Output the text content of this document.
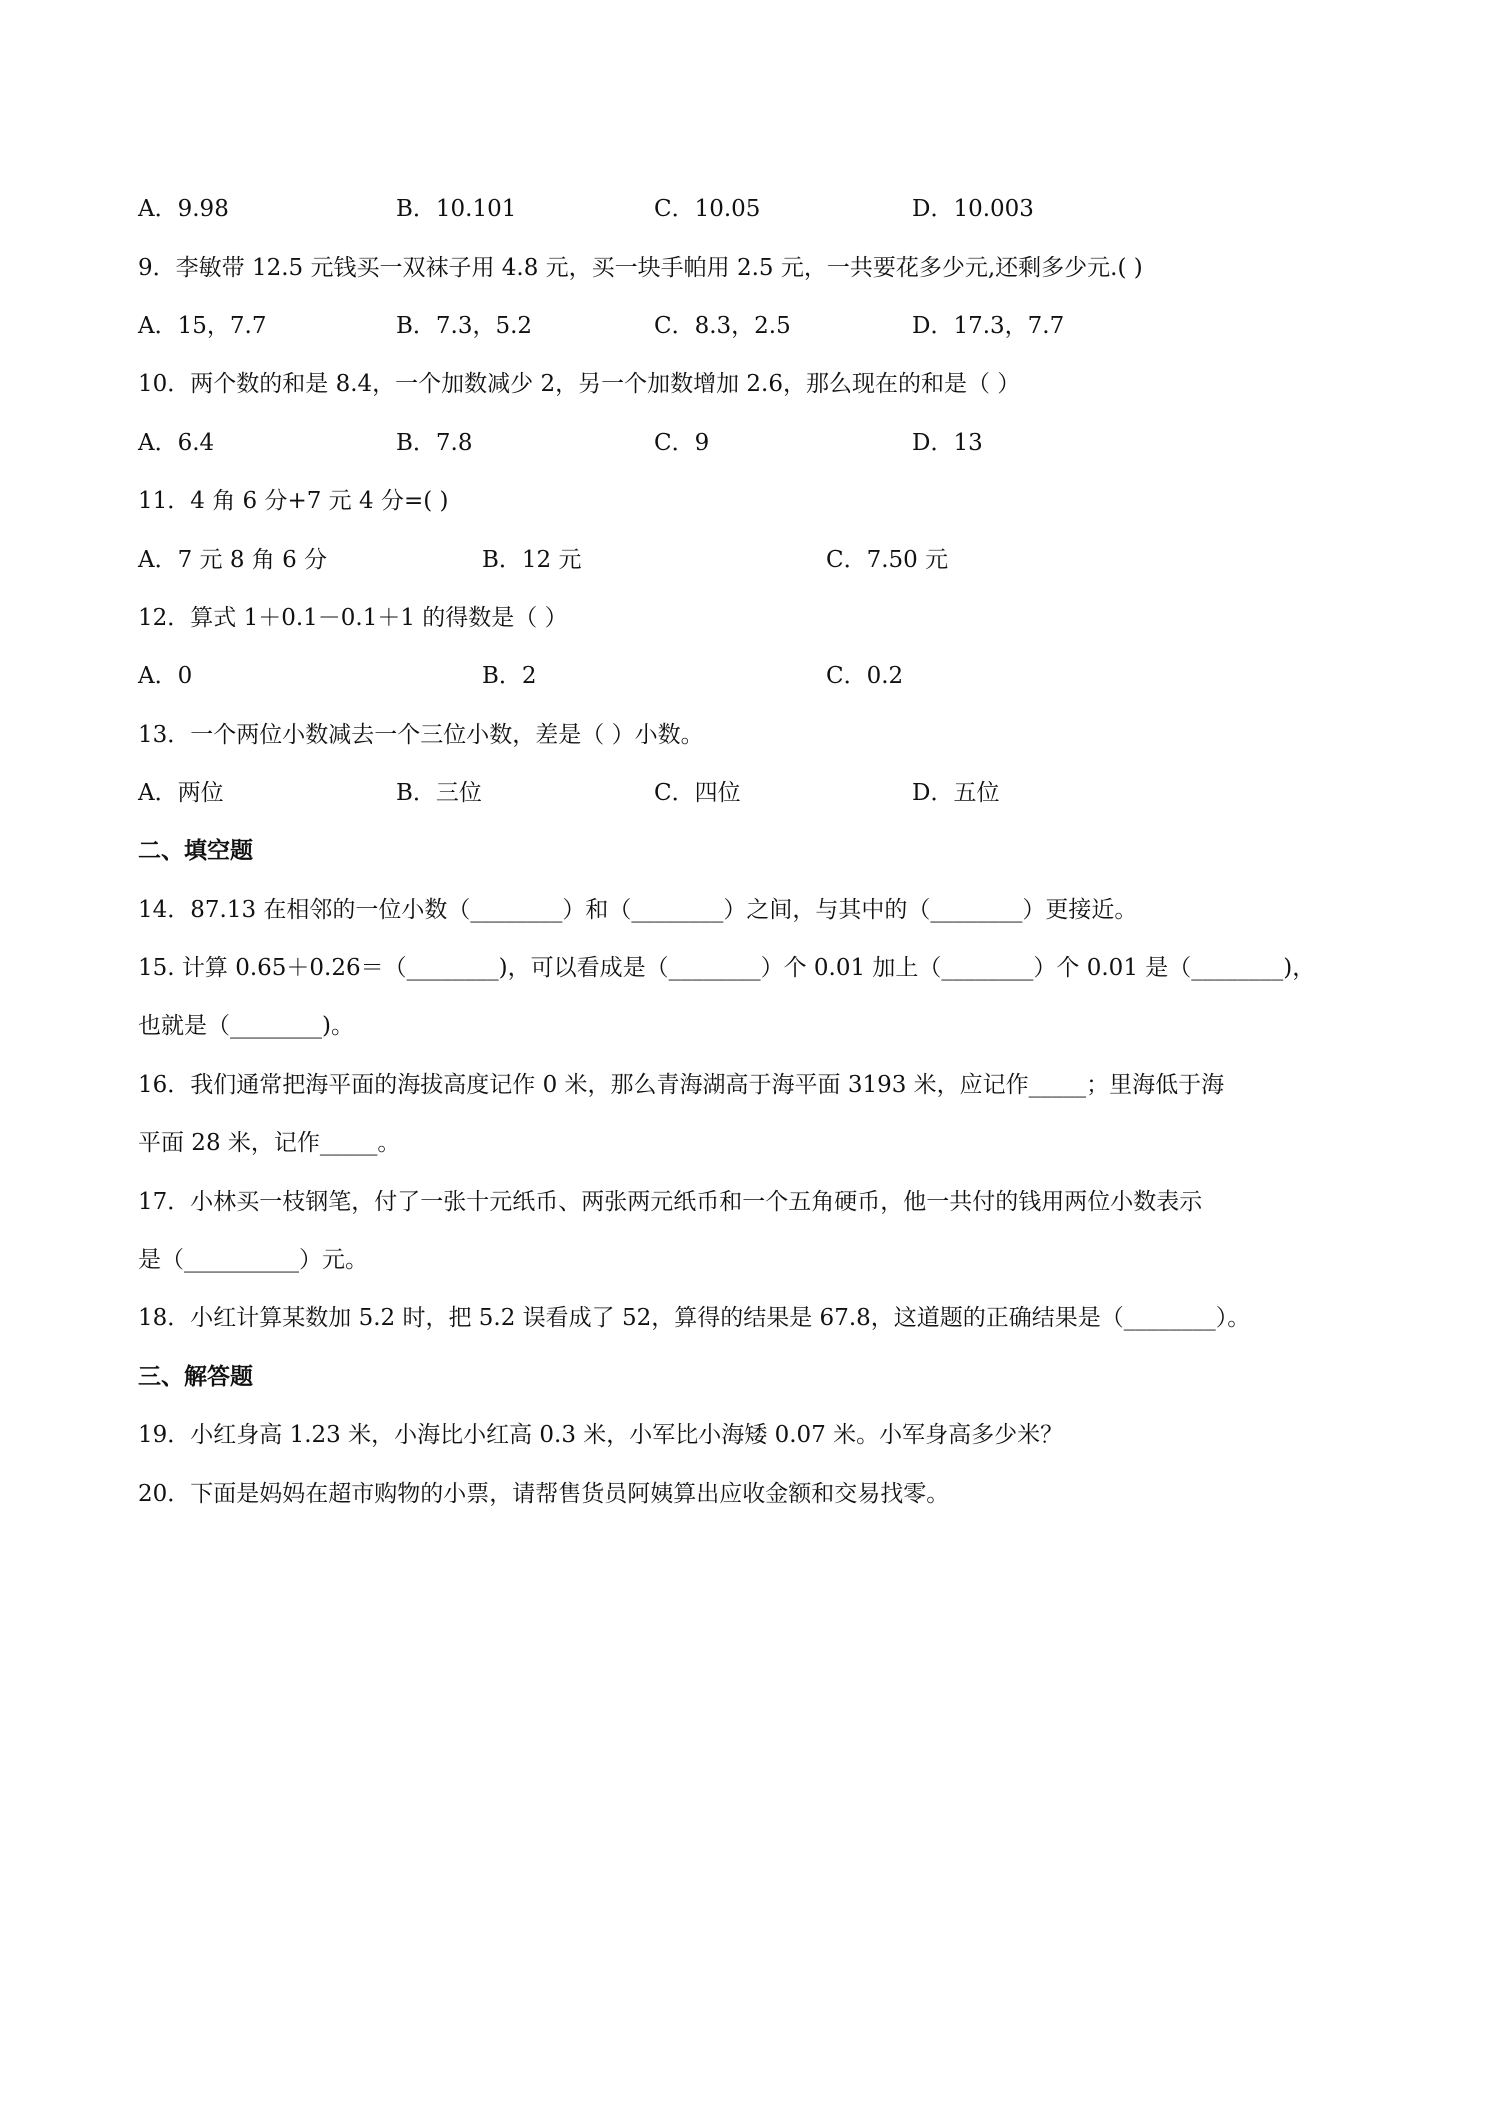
A．9.98	B．10.101	C．10.05	D．10.003
9．李敏带 12.5 元钱买一双袜子用 4.8 元，买一块手帕用 2.5 元，一共要花多少元,还剩多少元.( )
A．15，7.7	B．7.3，5.2	C．8.3，2.5	D．17.3，7.7
10．两个数的和是 8.4，一个加数减少 2，另一个加数增加 2.6，那么现在的和是（ ）
A．6.4	B．7.8	C．9	D．13
11．4 角 6 分+7 元 4 分=( )
A．7 元 8 角 6 分	B．12 元	C．7.50 元
12．算式 1＋0.1－0.1＋1 的得数是（ ）
A．0	B．2	C．0.2
13．一个两位小数减去一个三位小数，差是（ ）小数。
A．两位	B．三位	C．四位	D．五位
二、填空题
14．87.13 在相邻的一位小数（________）和（________）之间，与其中的（________）更接近。
15. 计算 0.65＋0.26＝（________)，可以看成是（________）个 0.01 加上（________）个 0.01 是（________)，
也就是（________)。
16．我们通常把海平面的海拔高度记作 0 米，那么青海湖高于海平面 3193 米，应记作_____；里海低于海
平面 28 米，记作_____。
17．小林买一枝钢笔，付了一张十元纸币、两张两元纸币和一个五角硬币，他一共付的钱用两位小数表示
是（__________）元。
18．小红计算某数加 5.2 时，把 5.2 误看成了 52，算得的结果是 67.8，这道题的正确结果是（________）。
三、解答题
19．小红身高 1.23 米，小海比小红高 0.3 米，小军比小海矮 0.07 米。小军身高多少米？
20．下面是妈妈在超市购物的小票，请帮售货员阿姨算出应收金额和交易找零。
